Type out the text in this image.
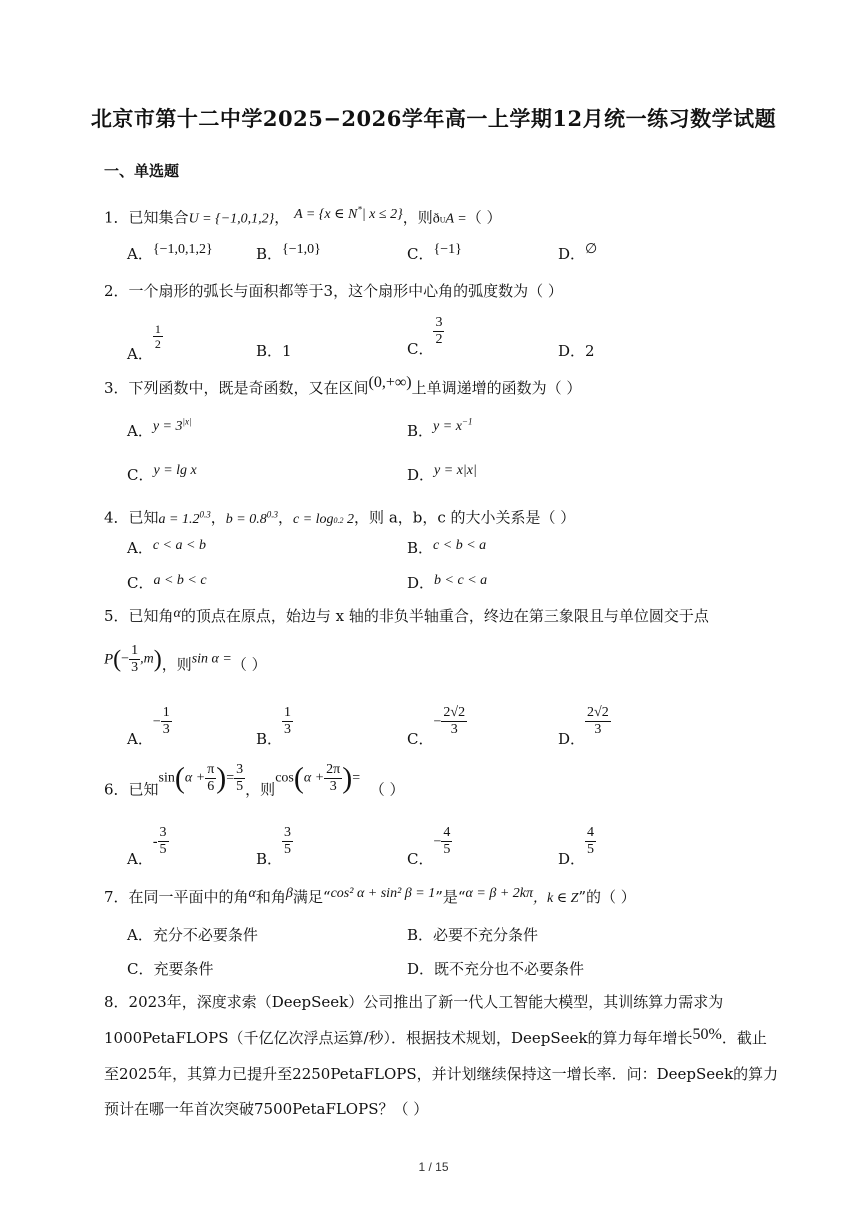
北京市第十二中学2025−2026学年高一上学期12月统一练习数学试题
一、单选题
1．已知集合U = {−1,0,1,2}， A = {x ∈ N*| x ≤ 2}，则ðUA =（ ）
A．{−1,0,1,2}	B．{−1,0}	C．{−1}	D．∅
2．一个扇形的弧长与面积都等于3，这个扇形中心角的弧度数为（ ）
A．
$\frac{1}{2}$	B．1	C．
$\frac{3}{2}$
D．2
3．下列函数中，既是奇函数，又在区间(0,+∞)上单调递增的函数为（ ）
A．$y = 3^{|x|}$
B．$y = x^{-1}$
C．y = lg x	D．y = x|x|
4．已知$a = 1.2^{0.3}$，$b = 0.8^{0.3}$，c = log0.2 2，则 a，b，c 的大小关系是（ ）
A．c < a < b	B．c < b < a
C．a < b < c	D．b < c < a
5．已知角α的顶点在原点，始边与 x 轴的非负半轴重合，终边在第三象限且与单位圆交于点
$P(- \frac{1}{3} ,m)$，则sin α =（ ）
A．− $\frac{1}{3}$
B．
$\frac{1}{3}$
C．− $\frac{2√2}{3}$
D．
$\frac{2√2}{3}$
6．已知$\sin(\alpha + \frac{\pi}{6}$ )= $\frac{3}{5}$ ，则$\cos(\alpha + \frac{2\pi}{3}$ )=  （ ）
A．- $\frac{3}{5}$
B．
$\frac{3}{5}$
C．− $\frac{4}{5}$
D．
$\frac{4}{5}$
7．在同一平面中的角α和角β满足“cos² α + sin² β = 1”是“α = β + 2kπ，k ∈ Z”的（ ）
A．充分不必要条件	B．必要不充分条件
C．充要条件	D．既不充分也不必要条件
8．2023年，深度求索（DeepSeek）公司推出了新一代人工智能大模型，其训练算力需求为
1000PetaFLOPS（千亿亿次浮点运算/秒）．根据技术规划，DeepSeek的算力每年增长50%．截止
至2025年，其算力已提升至2250PetaFLOPS，并计划继续保持这一增长率．问：DeepSeek的算力
预计在哪一年首次突破7500PetaFLOPS？（ ）
1 / 15
